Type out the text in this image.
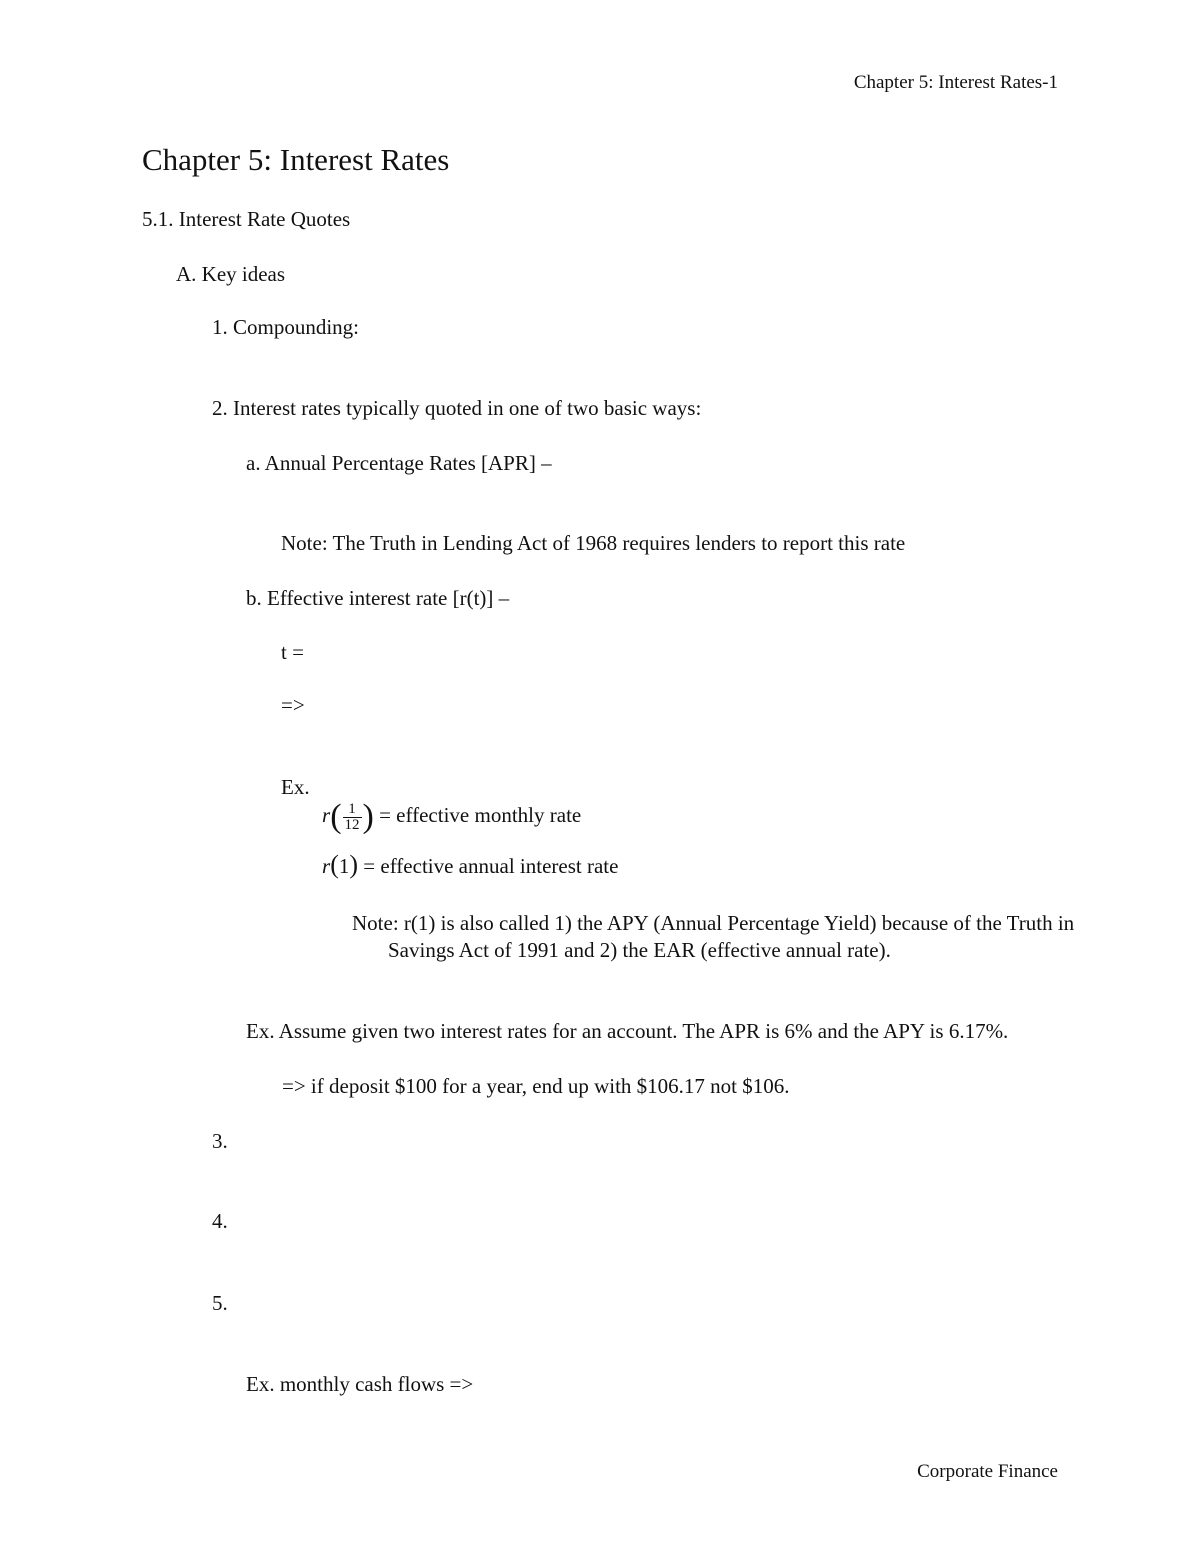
Chapter 5: Interest Rates-1
Chapter 5: Interest Rates
5.1. Interest Rate Quotes
A. Key ideas
1. Compounding:
2. Interest rates typically quoted in one of two basic ways:
a. Annual Percentage Rates [APR] –
Note: The Truth in Lending Act of 1968 requires lenders to report this rate
b. Effective interest rate [r(t)] –
t =
=>
Ex.
$r( \frac{1}{12}$ ) = effective monthly rate
r(1) = effective annual interest rate
Note: r(1) is also called 1) the APY (Annual Percentage Yield) because of the Truth in Savings Act of 1991 and 2) the EAR (effective annual rate).
Ex. Assume given two interest rates for an account. The APR is 6% and the APY is 6.17%.
=> if deposit $100 for a year, end up with $106.17 not $106.
3.
4.
5.
Ex. monthly cash flows =>
Corporate Finance
